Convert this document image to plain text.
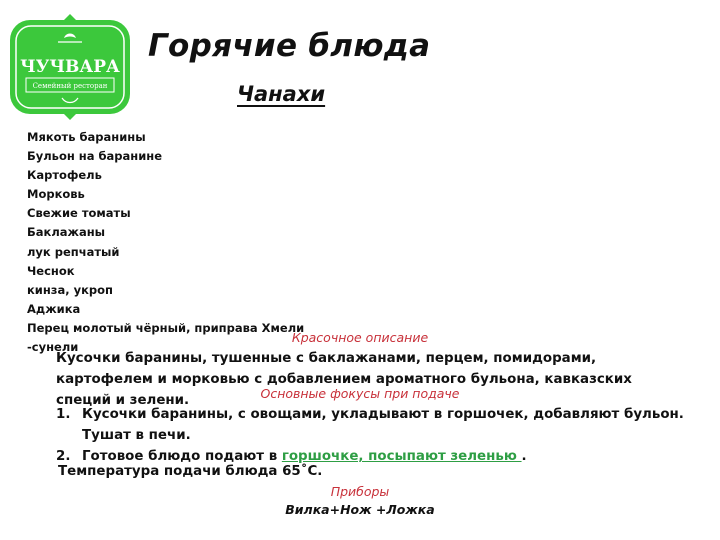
ЧУЧВАРА
Семейный ресторан
Горячие блюда
Чанахи
Мякоть баранины
Бульон на баранине
Картофель
Морковь
Свежие томаты
Баклажаны
лук репчатый
Чеснок
кинза, укроп
Аджика
Перец молотый чёрный, приправа Хмели
-сунели
Красочное описание
Кусочки баранины, тушенные с баклажанами, перцем, помидорами, картофелем и морковью с добавлением ароматного бульона, кавказских специй и зелени.	Основные фокусы при подаче
1. Кусочки баранины, с овощами, укладывают в горшочек, добавляют бульон. Тушат в печи.
2. Готовое блюдо подают в горшочке, посыпают зеленью .
Температура подачи блюда 65˚С.
Приборы
Вилка+Нож +Ложка
